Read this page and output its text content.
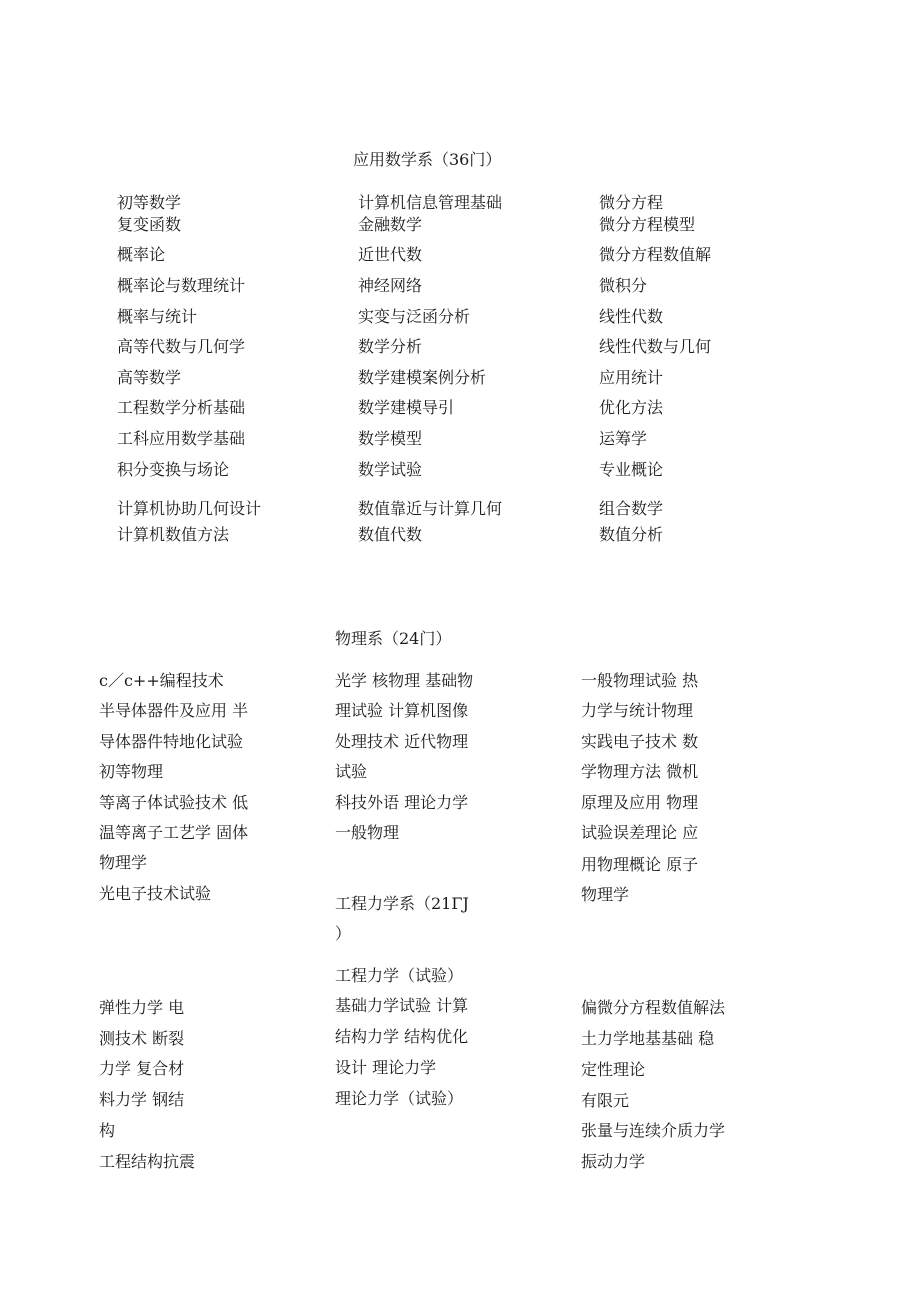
应用数学系（36门）
初等数学
复变函数
概率论
概率论与数理统计
概率与统计
高等代数与几何学
高等数学
工程数学分析基础
工科应用数学基础
积分变换与场论
计算机协助几何设计
计算机数值方法
计算机信息管理基础
金融数学
近世代数
神经网络
实变与泛函分析
数学分析
数学建模案例分析
数学建模导引
数学模型
数学试验
数值靠近与计算几何
数值代数
微分方程
微分方程模型
微分方程数值解
微积分
线性代数
线性代数与几何
应用统计
优化方法
运筹学
专业概论
组合数学
数值分析
物理系（24门）
c／c++编程技术
半导体器件及应用 半
导体器件特地化试验
初等物理
等离子体试验技术 低
温等离子工艺学 固体
物理学
光电子技术试验
光学 核物理 基础物
理试验 计算机图像
处理技术 近代物理
试验
科技外语 理论力学
一般物理
一般物理试验 热
力学与统计物理
实践电子技术 数
学物理方法 微机
原理及应用 物理
试验误差理论 应
用物理概论 原子
物理学
工程力学系（21ΓJ
）
弹性力学 电
测技术 断裂
力学 复合材
料力学 钢结
构
工程结构抗震
工程力学（试验）
基础力学试验 计算
结构力学 结构优化
设计 理论力学
理论力学（试验）
偏微分方程数值解法
土力学地基基础 稳
定性理论
有限元
张量与连续介质力学
振动力学
